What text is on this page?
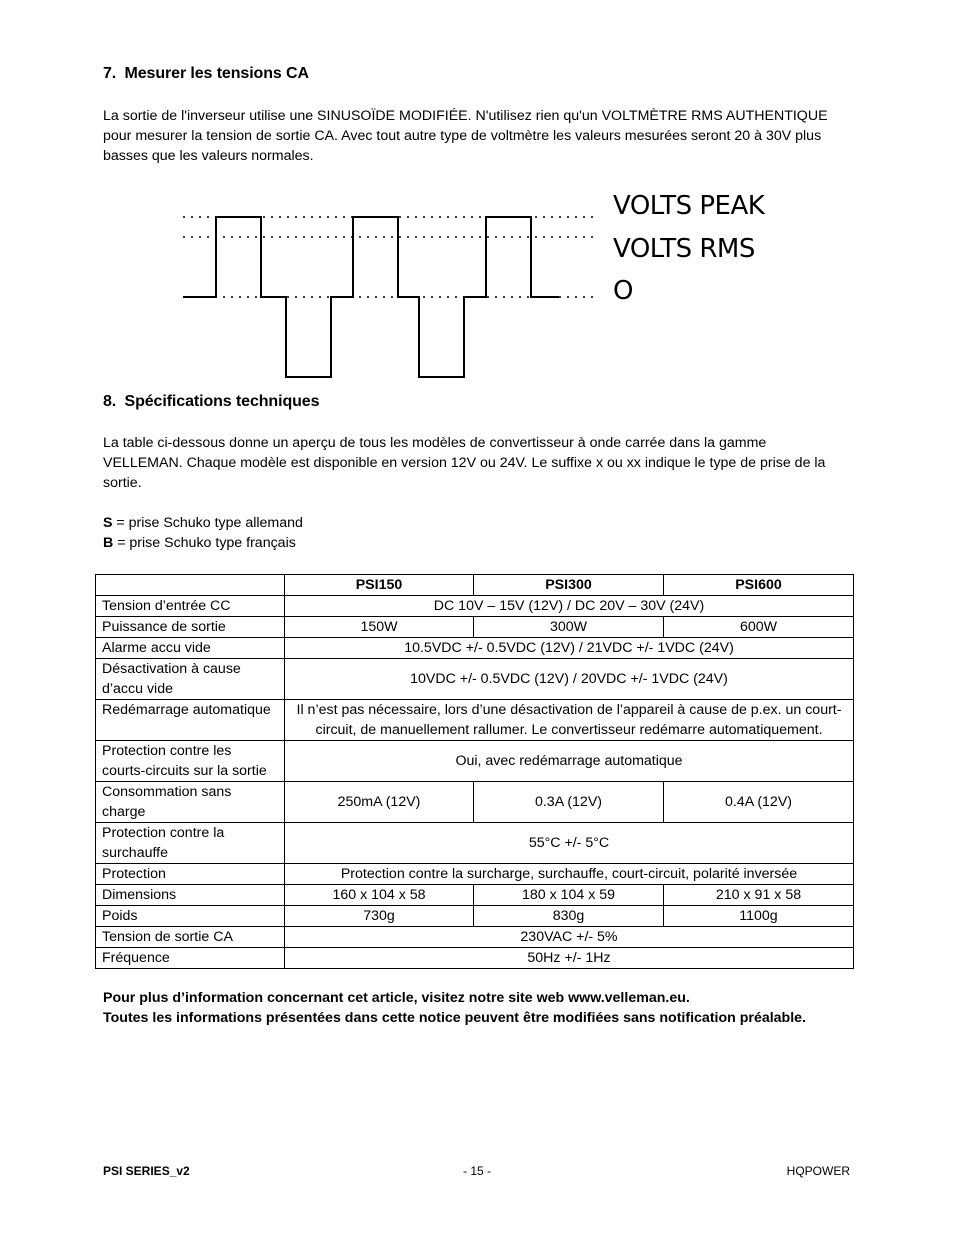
7. Mesurer les tensions CA
La sortie de l'inverseur utilise une SINUSOÏDE MODIFIÉE. N'utilisez rien qu'un VOLTMÈTRE RMS AUTHENTIQUE
pour mesurer la tension de sortie CA. Avec tout autre type de voltmètre les valeurs mesurées seront 20 à 30V plus
basses que les valeurs normales.
VOLTS PEAK
VOLTS RMS
O
8. Spécifications techniques
La table ci-dessous donne un aperçu de tous les modèles de convertisseur à onde carrée dans la gamme
VELLEMAN. Chaque modèle est disponible en version 12V ou 24V. Le suffixe x ou xx indique le type de prise de la
sortie.
S = prise Schuko type allemand
B = prise Schuko type français
	PSI150	PSI300	PSI600
Tension d’entrée CC	DC 10V – 15V (12V) / DC 20V – 30V (24V)		
Puissance de sortie	150W	300W	600W
Alarme accu vide	10.5VDC +/- 0.5VDC (12V) / 21VDC +/- 1VDC (24V)		

Désactivation à cause
d’accu vide	10VDC +/- 0.5VDC (12V) / 20VDC +/- 1VDC (24V)		
Redémarrage automatique	Il n’est pas nécessaire, lors d’une désactivation de l’appareil à cause de p.ex. un court-
circuit, de manuellement rallumer. Le convertisseur redémarre automatiquement.		

Protection contre les
courts-circuits sur la sortie	Oui, avec redémarrage automatique		

Consommation sans
charge	250mA (12V)	0.3A (12V)	0.4A (12V)

Protection contre la
surchauffe	55°C +/- 5°C		
Protection	Protection contre la surcharge, surchauffe, court-circuit, polarité inversée		
Dimensions	160 x 104 x 58	180 x 104 x 59	210 x 91 x 58
Poids	730g	830g	1100g
Tension de sortie CA	230VAC +/- 5%		
Fréquence	50Hz +/- 1Hz		
Pour plus d’information concernant cet article, visitez notre site web www.velleman.eu.
Toutes les informations présentées dans cette notice peuvent être modifiées sans notification préalable.
PSI SERIES_v2	- 15 -	HQPOWER
